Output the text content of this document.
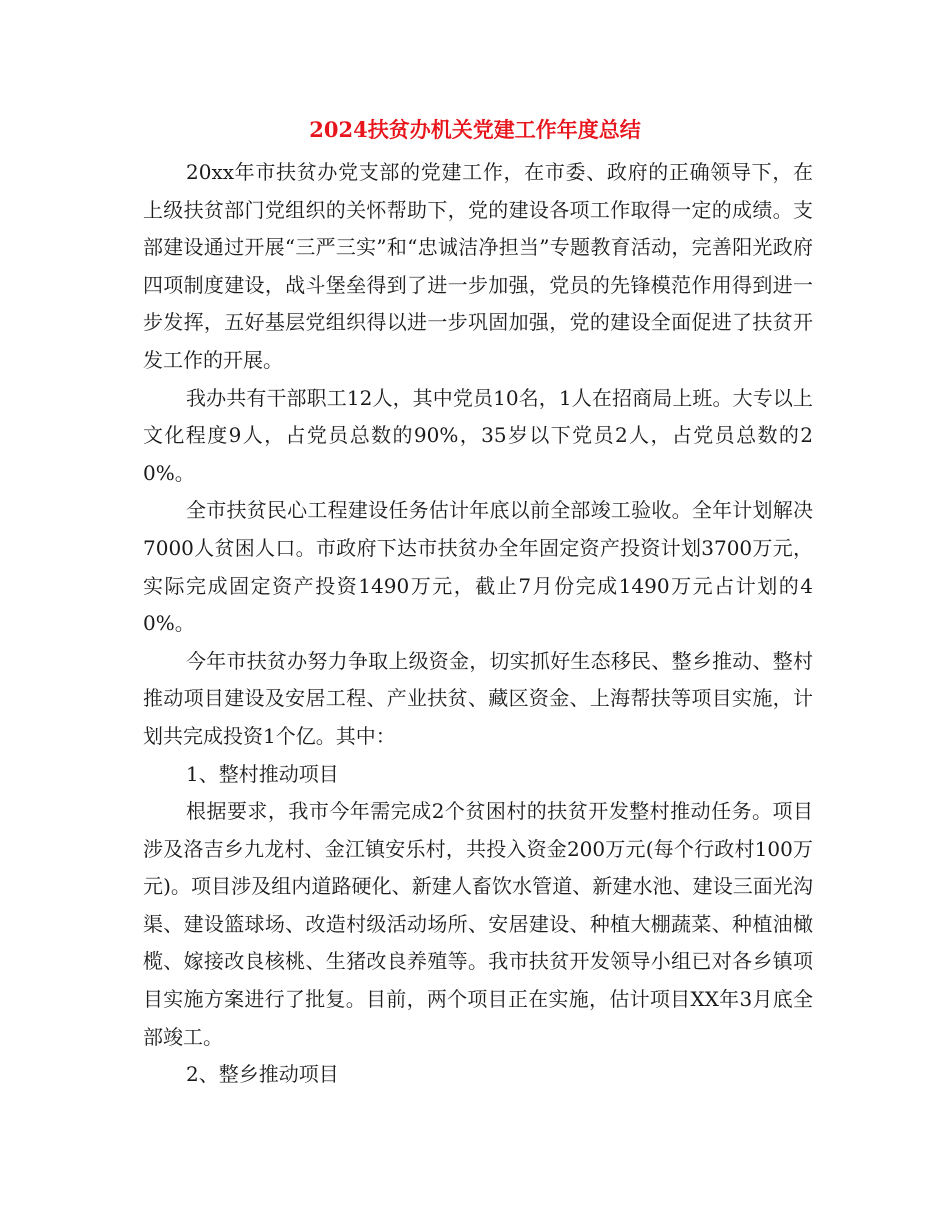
2024扶贫办机关党建工作年度总结

20xx年市扶贫办党支部的党建工作，在市委、政府的正确领导下，在上级扶贫部门党组织的关怀帮助下，党的建设各项工作取得一定的成绩。支部建设通过开展“三严三实”和“忠诚洁净担当”专题教育活动，完善阳光政府四项制度建设，战斗堡垒得到了进一步加强，党员的先锋模范作用得到进一步发挥，五好基层党组织得以进一步巩固加强，党的建设全面促进了扶贫开发工作的开展。

我办共有干部职工12人，其中党员10名，1人在招商局上班。大专以上文化程度9人，占党员总数的90%，35岁以下党员2人，占党员总数的20%。

全市扶贫民心工程建设任务估计年底以前全部竣工验收。全年计划解决7000人贫困人口。市政府下达市扶贫办全年固定资产投资计划3700万元，实际完成固定资产投资1490万元，截止7月份完成1490万元占计划的40%。

今年市扶贫办努力争取上级资金，切实抓好生态移民、整乡推动、整村推动项目建设及安居工程、产业扶贫、藏区资金、上海帮扶等项目实施，计划共完成投资1个亿。其中：

1、整村推动项目

根据要求，我市今年需完成2个贫困村的扶贫开发整村推动任务。项目涉及洛吉乡九龙村、金江镇安乐村，共投入资金200万元(每个行政村100万元)。项目涉及组内道路硬化、新建人畜饮水管道、新建水池、建设三面光沟渠、建设篮球场、改造村级活动场所、安居建设、种植大棚蔬菜、种植油橄榄、嫁接改良核桃、生猪改良养殖等。我市扶贫开发领导小组已对各乡镇项目实施方案进行了批复。目前，两个项目正在实施，估计项目XX年3月底全部竣工。

2、整乡推动项目
